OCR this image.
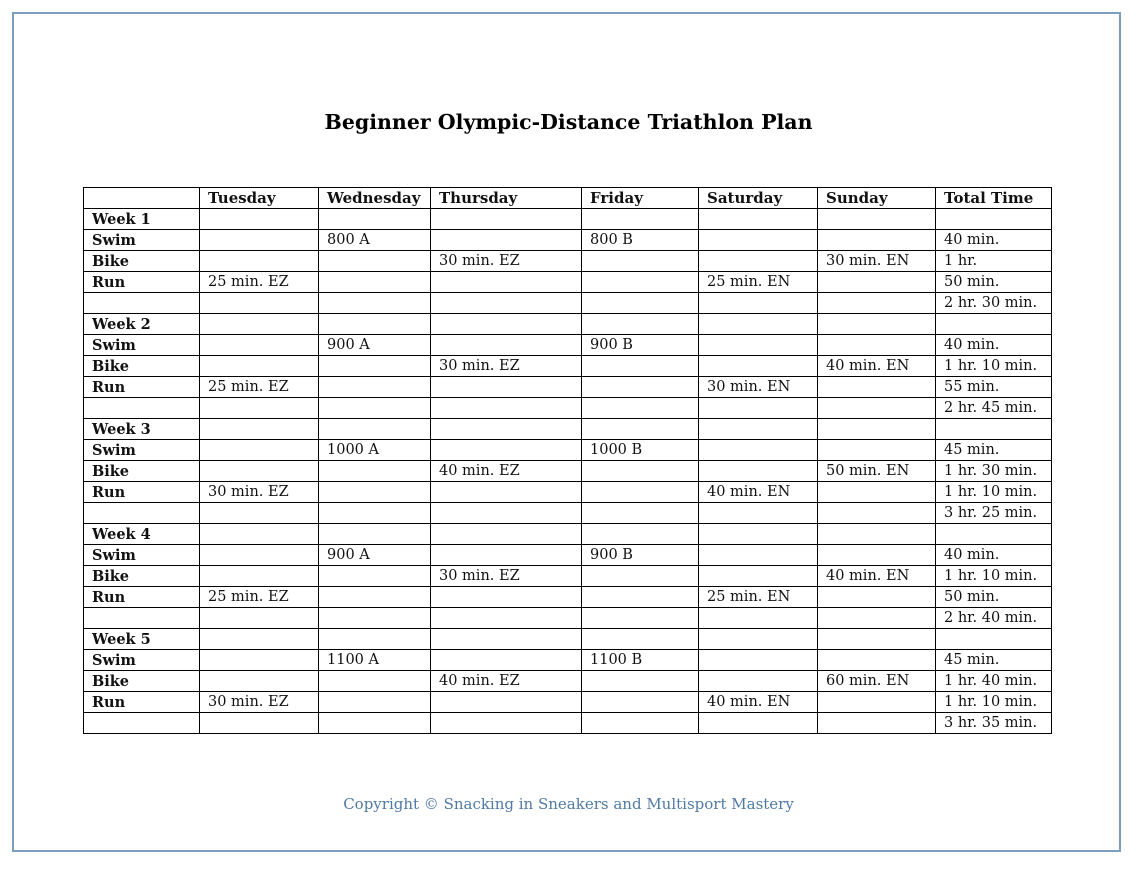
Beginner Olympic-Distance Triathlon Plan
	Tuesday	Wednesday	Thursday	Friday	Saturday	Sunday	Total Time
Week 1							
Swim		800 A		800 B			40 min.
Bike			30 min. EZ			30 min. EN	1 hr.
Run	25 min. EZ				25 min. EN		50 min.
							2 hr. 30 min.
Week 2							
Swim		900 A		900 B			40 min.
Bike			30 min. EZ			40 min. EN	1 hr. 10 min.
Run	25 min. EZ				30 min. EN		55 min.
							2 hr. 45 min.
Week 3							
Swim		1000 A		1000 B			45 min.
Bike			40 min. EZ			50 min. EN	1 hr. 30 min.
Run	30 min. EZ				40 min. EN		1 hr. 10 min.
							3 hr. 25 min.
Week 4							
Swim		900 A		900 B			40 min.
Bike			30 min. EZ			40 min. EN	1 hr. 10 min.
Run	25 min. EZ				25 min. EN		50 min.
							2 hr. 40 min.
Week 5							
Swim		1100 A		1100 B			45 min.
Bike			40 min. EZ			60 min. EN	1 hr. 40 min.
Run	30 min. EZ				40 min. EN		1 hr. 10 min.
							3 hr. 35 min.
Copyright © Snacking in Sneakers and Multisport Mastery
